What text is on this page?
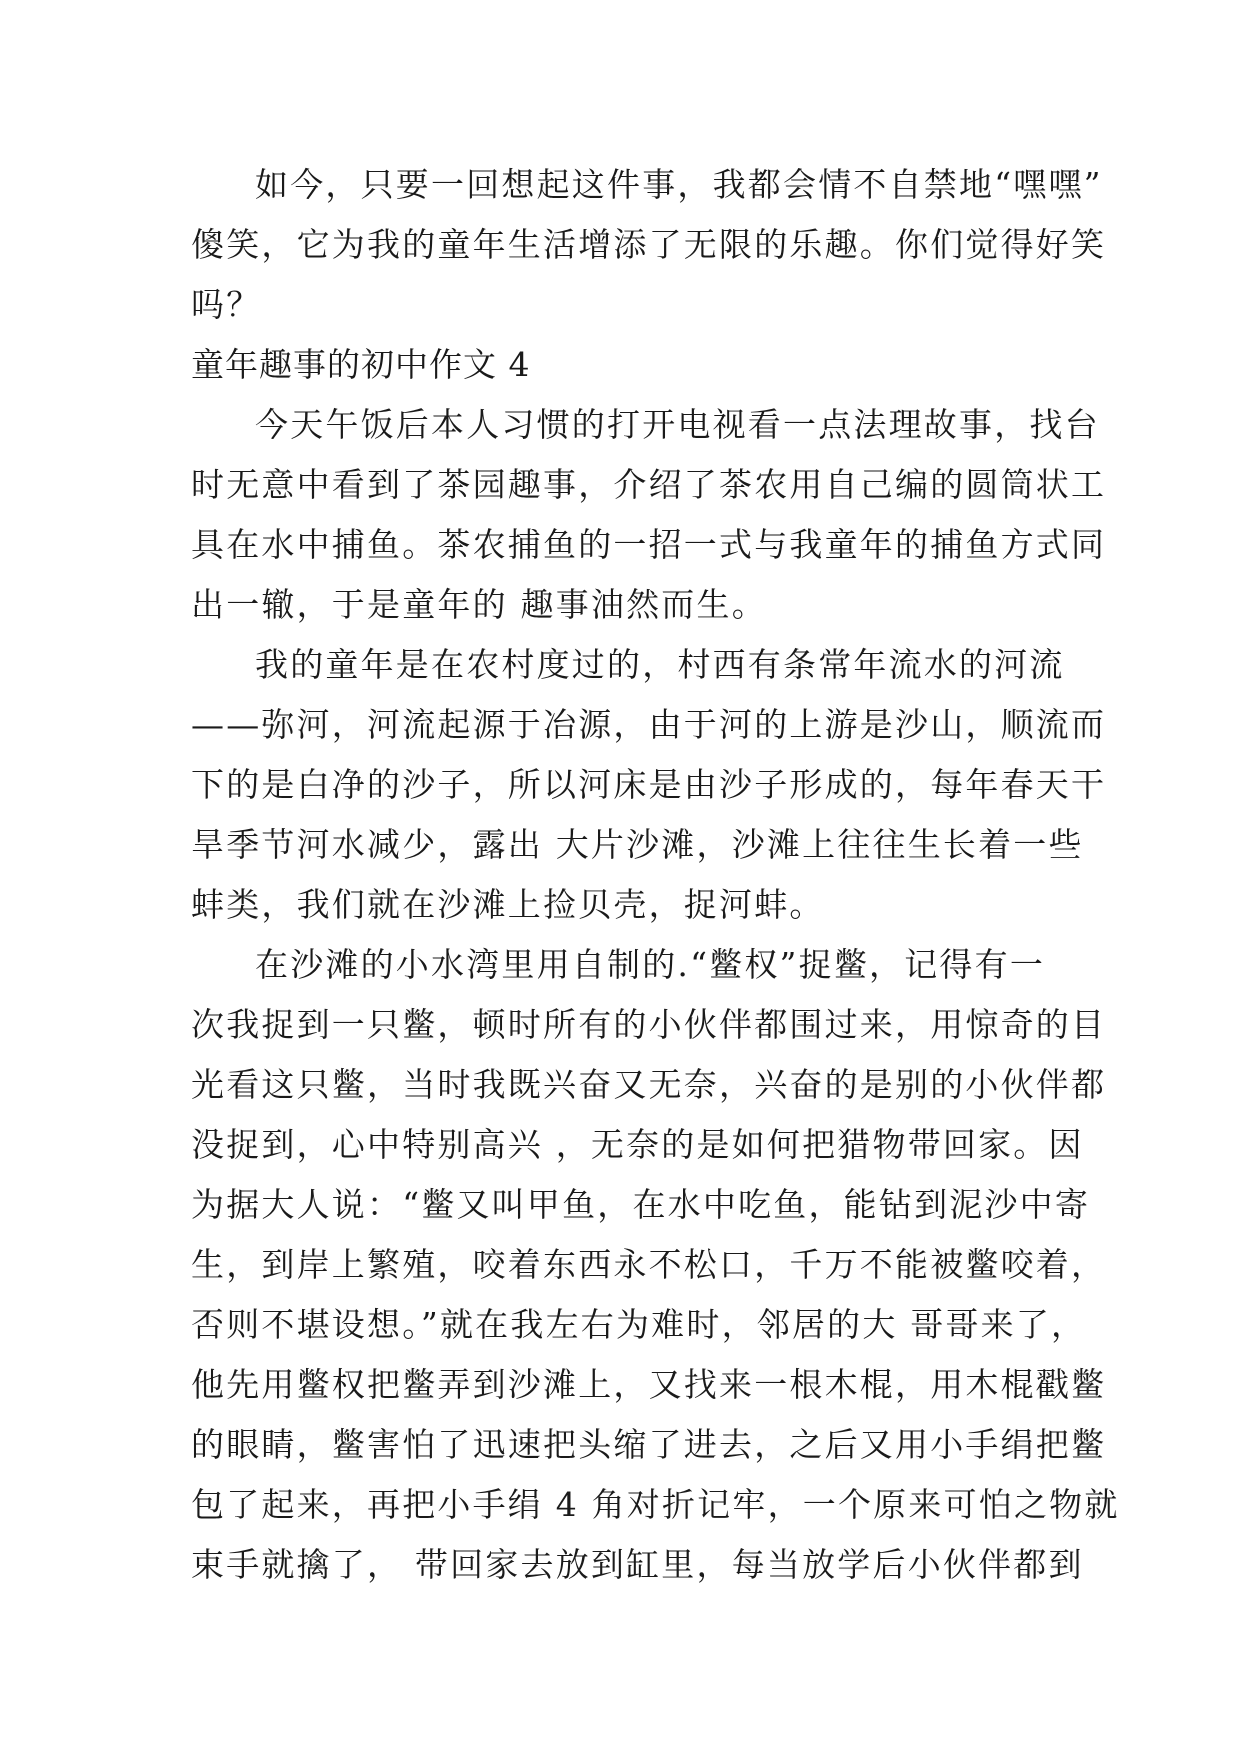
如今，只要一回想起这件事，我都会情不自禁地“嘿嘿”
傻笑，它为我的童年生活增添了无限的乐趣。你们觉得好笑
吗？
童年趣事的初中作文 4
今天午饭后本人习惯的打开电视看一点法理故事，找台
时无意中看到了茶园趣事，介绍了茶农用自己编的圆筒状工
具在水中捕鱼。茶农捕鱼的一招一式与我童年的捕鱼方式同
出一辙，于是童年的 趣事油然而生。
我的童年是在农村度过的，村西有条常年流水的河流
——弥河，河流起源于冶源，由于河的上游是沙山，顺流而
下的是白净的沙子，所以河床是由沙子形成的，每年春天干
旱季节河水减少，露出 大片沙滩，沙滩上往往生长着一些
蚌类，我们就在沙滩上捡贝壳，捉河蚌。
在沙滩的小水湾里用自制的.“鳖权”捉鳖，记得有一
次我捉到一只鳖，顿时所有的小伙伴都围过来，用惊奇的目
光看这只鳖，当时我既兴奋又无奈，兴奋的是别的小伙伴都
没捉到，心中特别高兴 ，无奈的是如何把猎物带回家。因
为据大人说：“鳖又叫甲鱼，在水中吃鱼，能钻到泥沙中寄
生，到岸上繁殖，咬着东西永不松口，千万不能被鳖咬着，
否则不堪设想。”就在我左右为难时，邻居的大 哥哥来了，
他先用鳖权把鳖弄到沙滩上，又找来一根木棍，用木棍戳鳖
的眼睛，鳖害怕了迅速把头缩了进去，之后又用小手绢把鳖
包了起来，再把小手绢 4 角对折记牢，一个原来可怕之物就
束手就擒了， 带回家去放到缸里，每当放学后小伙伴都到
